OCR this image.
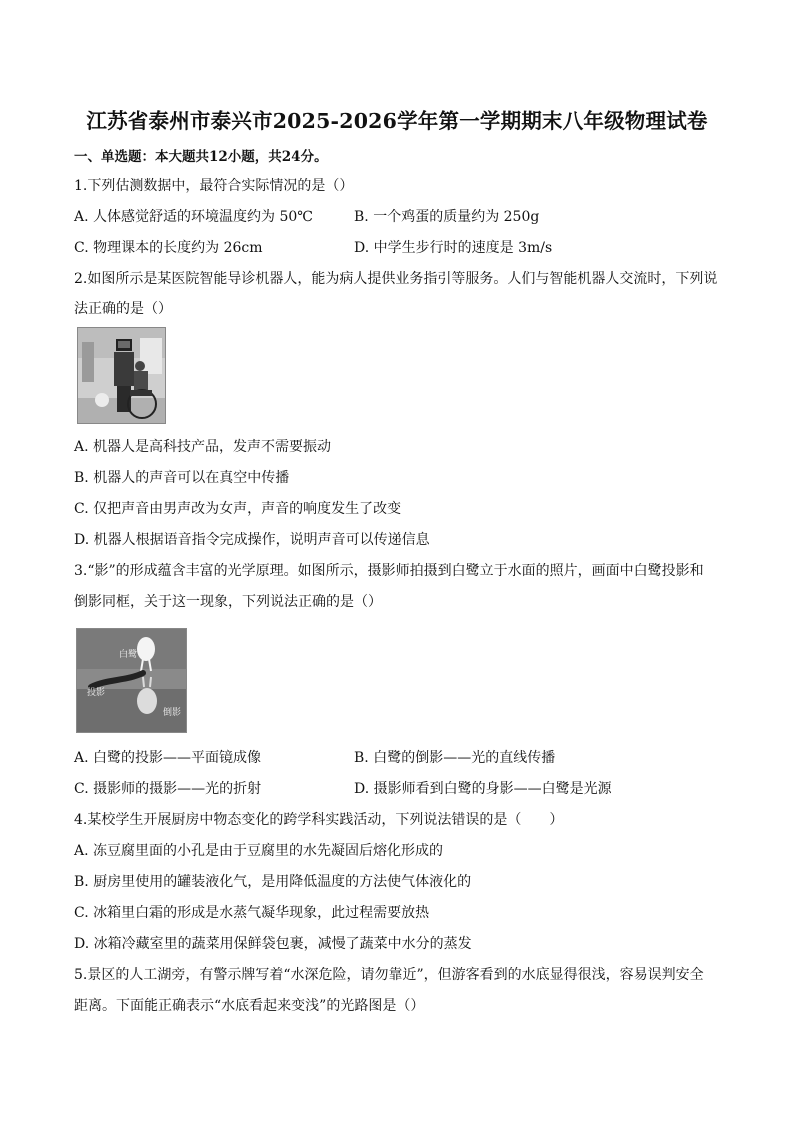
江苏省泰州市泰兴市2025-2026学年第一学期期末八年级物理试卷
一、单选题：本大题共12小题，共24分。
1.下列估测数据中，最符合实际情况的是（）
A. 人体感觉舒适的环境温度约为 50℃	B. 一个鸡蛋的质量约为 250g
C. 物理课本的长度约为 26cm	D. 中学生步行时的速度是 3m/s
2.如图所示是某医院智能导诊机器人，能为病人提供业务指引等服务。人们与智能机器人交流时，下列说
法正确的是（）
A. 机器人是高科技产品，发声不需要振动
B. 机器人的声音可以在真空中传播
C. 仅把声音由男声改为女声，声音的响度发生了改变
D. 机器人根据语音指令完成操作，说明声音可以传递信息
3.“影”的形成蕴含丰富的光学原理。如图所示，摄影师拍摄到白鹭立于水面的照片，画面中白鹭投影和
倒影同框，关于这一现象，下列说法正确的是（）
白鹭
投影
倒影
A. 白鹭的投影——平面镜成像	B. 白鹭的倒影——光的直线传播
C. 摄影师的摄影——光的折射	D. 摄影师看到白鹭的身影——白鹭是光源
4.某校学生开展厨房中物态变化的跨学科实践活动，下列说法错误的是（　　）
A. 冻豆腐里面的小孔是由于豆腐里的水先凝固后熔化形成的
B. 厨房里使用的罐装液化气，是用降低温度的方法使气体液化的
C. 冰箱里白霜的形成是水蒸气凝华现象，此过程需要放热
D. 冰箱冷藏室里的蔬菜用保鲜袋包裹，减慢了蔬菜中水分的蒸发
5.景区的人工湖旁，有警示牌写着“水深危险，请勿靠近”，但游客看到的水底显得很浅，容易误判安全
距离。下面能正确表示“水底看起来变浅”的光路图是（）
